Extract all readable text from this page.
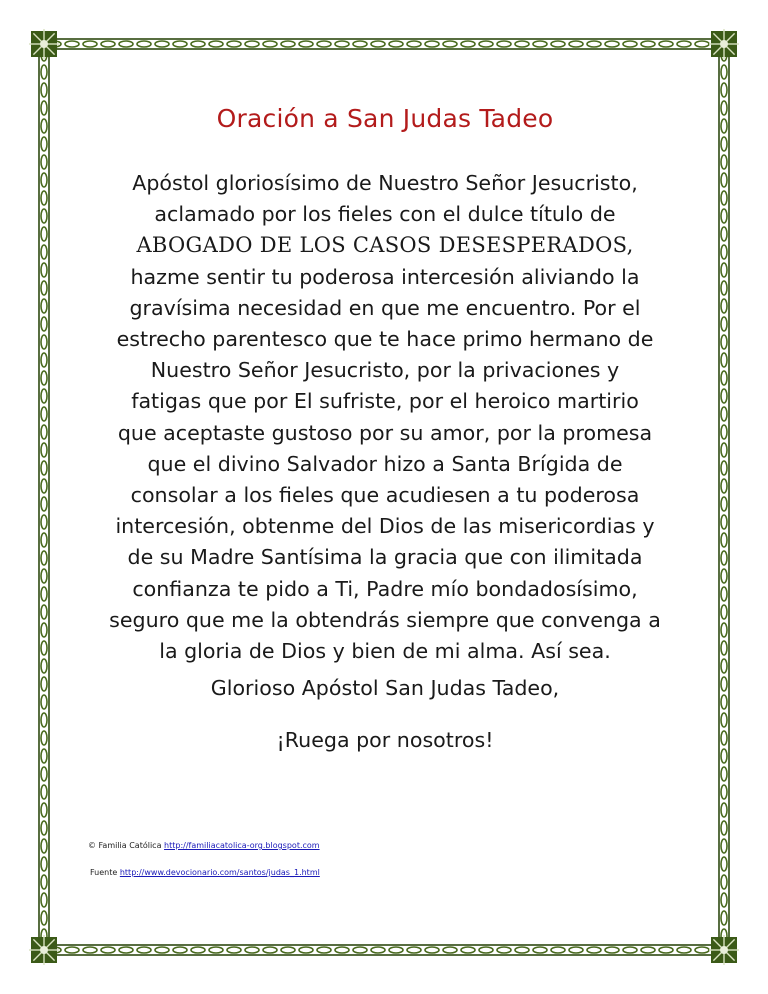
Oración a San Judas Tadeo
Apóstol gloriosísimo de Nuestro Señor Jesucristo,
aclamado por los fieles con el dulce título de
ABOGADO DE LOS CASOS DESESPERADOS,
hazme sentir tu poderosa intercesión aliviando la
gravísima necesidad en que me encuentro. Por el
estrecho parentesco que te hace primo hermano de
Nuestro Señor Jesucristo, por la privaciones y
fatigas que por El sufriste, por el heroico martirio
que aceptaste gustoso por su amor, por la promesa
que el divino Salvador hizo a Santa Brígida de
consolar a los fieles que acudiesen a tu poderosa
intercesión, obtenme del Dios de las misericordias y
de su Madre Santísima la gracia que con ilimitada
confianza te pido a Ti, Padre mío bondadosísimo,
seguro que me la obtendrás siempre que convenga a
la gloria de Dios y bien de mi alma. Así sea.
Glorioso Apóstol San Judas Tadeo,
¡Ruega por nosotros!
© Familia Católica http://familiacatolica-org.blogspot.com
Fuente http://www.devocionario.com/santos/judas_1.html
